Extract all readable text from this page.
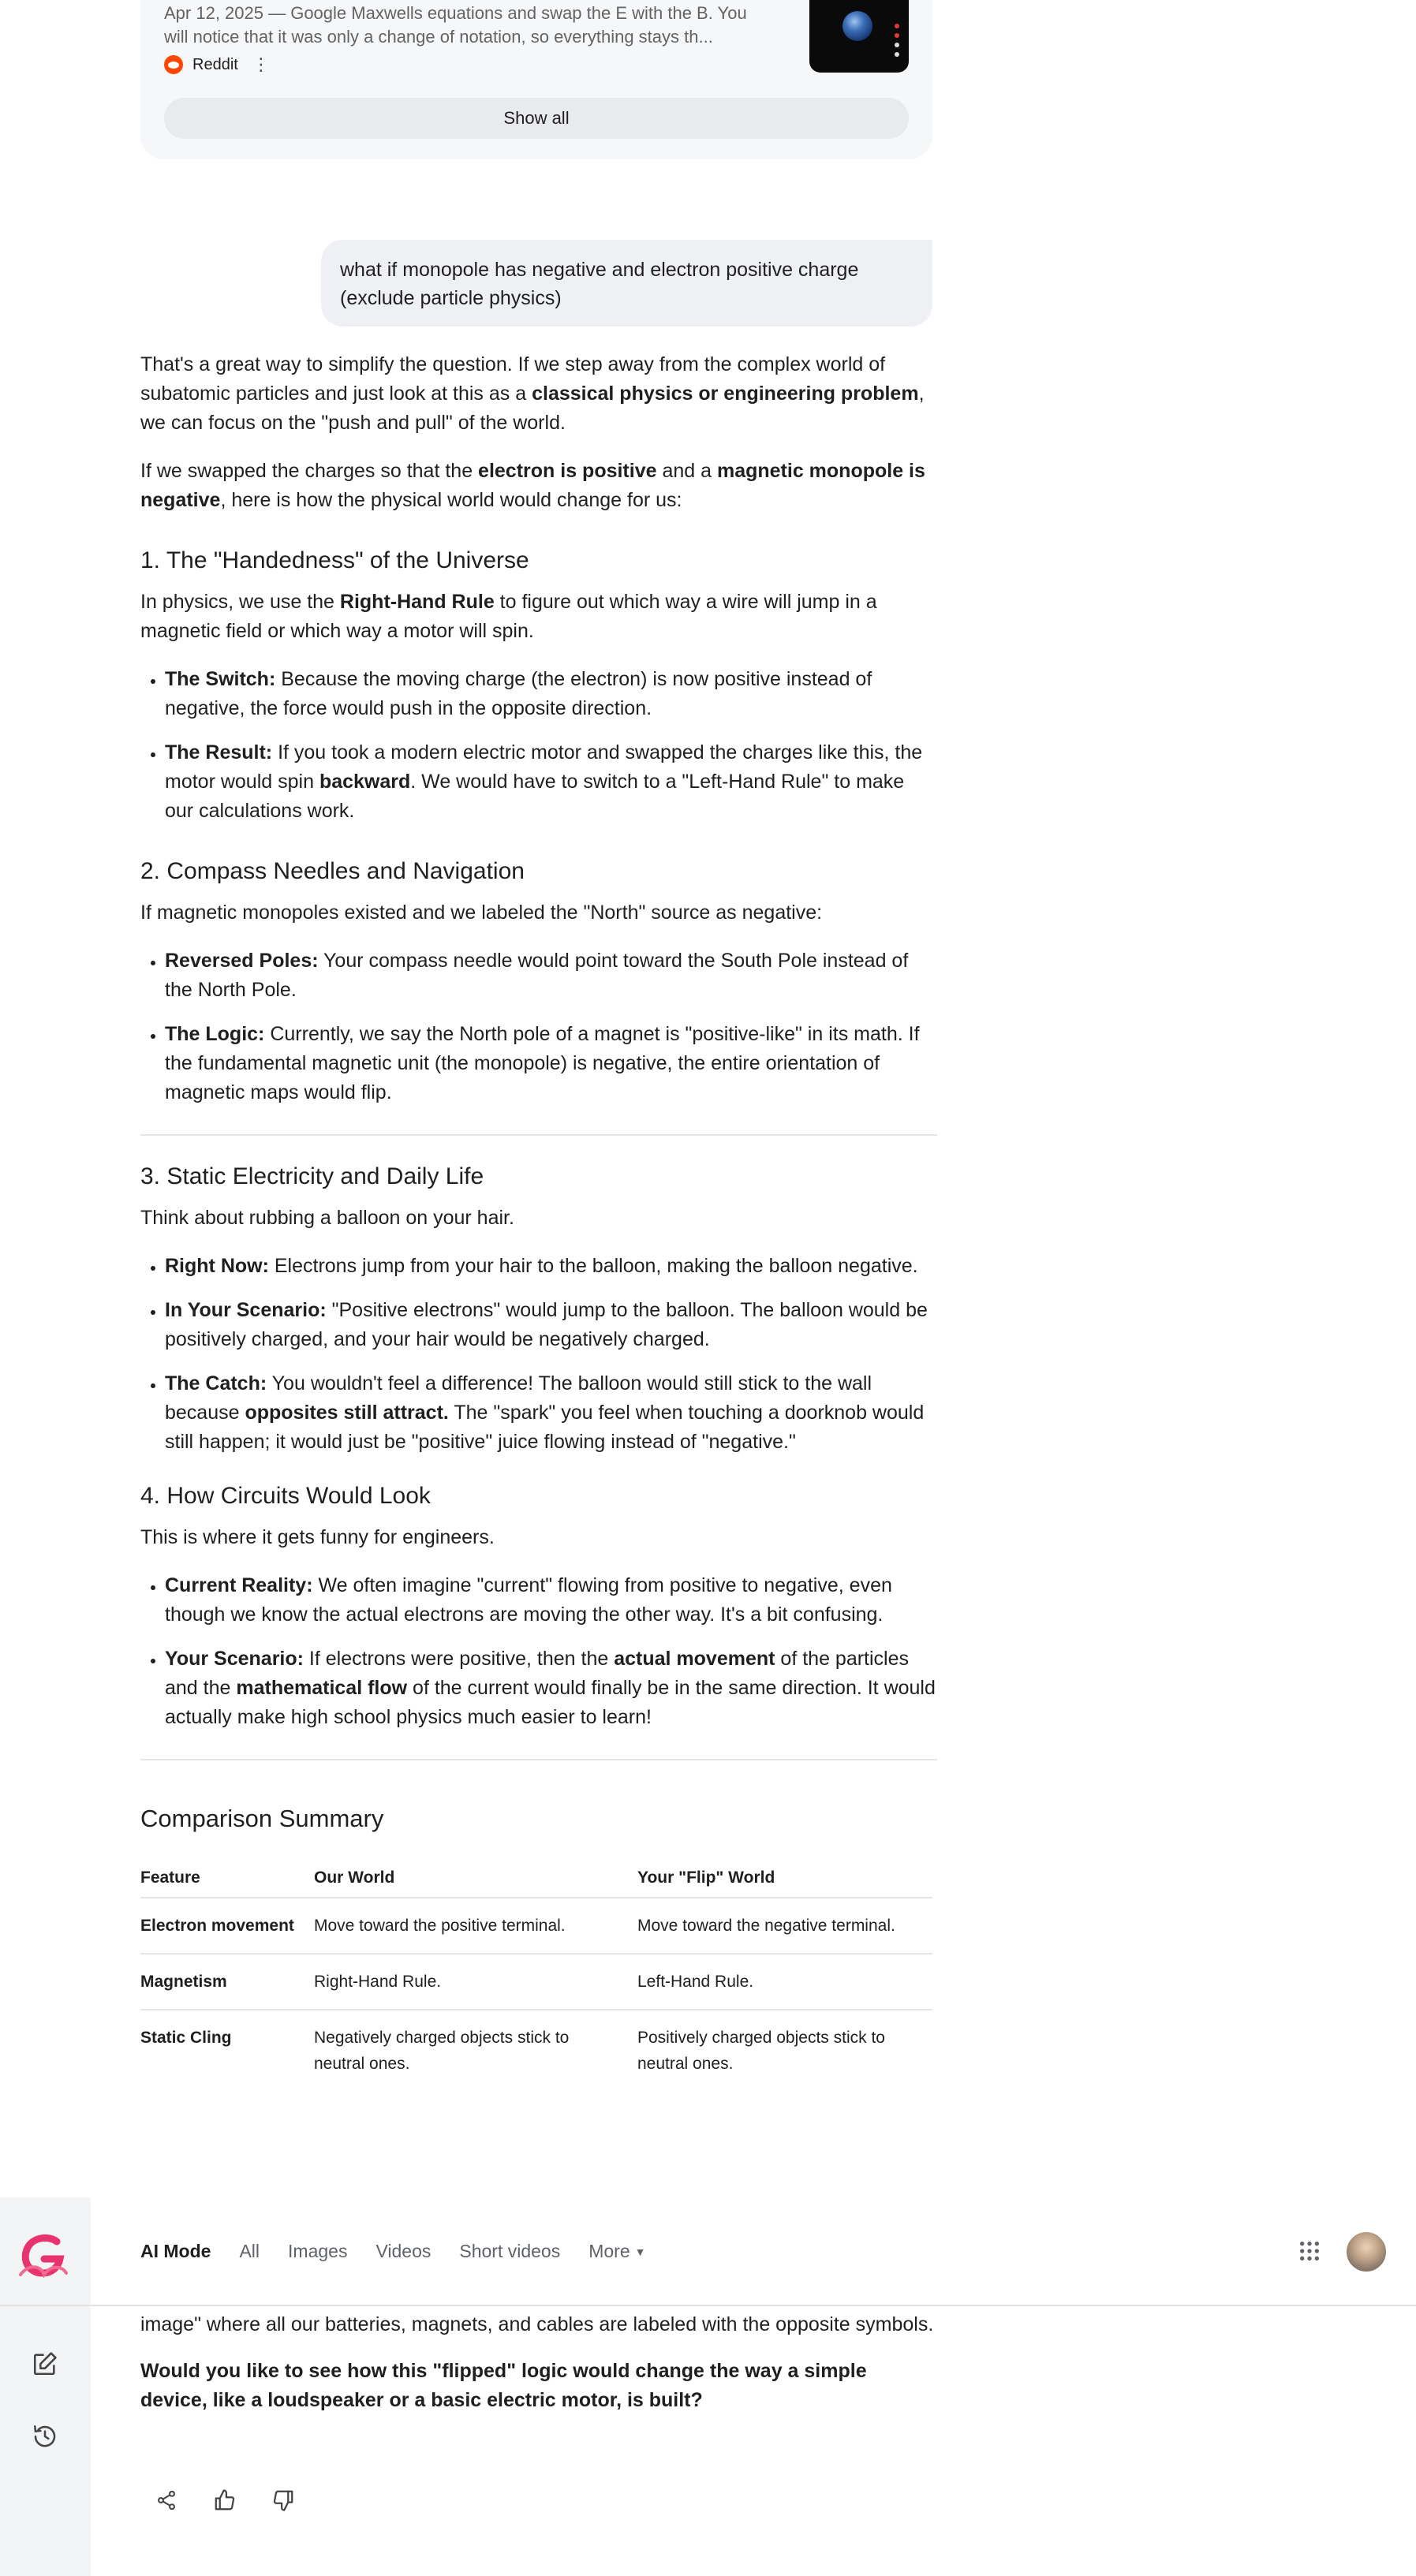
Apr 12, 2025 — Google Maxwells equations and swap the E with the B. You will notice that it was only a change of notation, so everything stays th...
Reddit ⋮
Show all
what if monopole has negative and electron positive charge (exclude particle physics)

That's a great way to simplify the question. If we step away from the complex world of subatomic particles and just look at this as a classical physics or engineering problem, we can focus on the "push and pull" of the world.

If we swapped the charges so that the electron is positive and a magnetic monopole is negative, here is how the physical world would change for us:

1. The "Handedness" of the Universe

In physics, we use the Right-Hand Rule to figure out which way a wire will jump in a magnetic field or which way a motor will spin.

• The Switch: Because the moving charge (the electron) is now positive instead of negative, the force would push in the opposite direction.
• The Result: If you took a modern electric motor and swapped the charges like this, the motor would spin backward. We would have to switch to a "Left-Hand Rule" to make our calculations work.
2. Compass Needles and Navigation

If magnetic monopoles existed and we labeled the "North" source as negative:

• Reversed Poles: Your compass needle would point toward the South Pole instead of the North Pole.
• The Logic: Currently, we say the North pole of a magnet is "positive-like" in its math. If the fundamental magnetic unit (the monopole) is negative, the entire orientation of magnetic maps would flip.
3. Static Electricity and Daily Life

Think about rubbing a balloon on your hair.

• Right Now: Electrons jump from your hair to the balloon, making the balloon negative.
• In Your Scenario: "Positive electrons" would jump to the balloon. The balloon would be positively charged, and your hair would be negatively charged.
• The Catch: You wouldn't feel a difference! The balloon would still stick to the wall because opposites still attract. The "spark" you feel when touching a doorknob would still happen; it would just be "positive" juice flowing instead of "negative."
4. How Circuits Would Look

This is where it gets funny for engineers.

• Current Reality: We often imagine "current" flowing from positive to negative, even though we know the actual electrons are moving the other way. It's a bit confusing.
• Your Scenario: If electrons were positive, then the actual movement of the particles and the mathematical flow of the current would finally be in the same direction. It would actually make high school physics much easier to learn!
Comparison Summary
Feature	Our World	Your "Flip" World
Electron movement	Move toward the positive terminal.	Move toward the negative terminal.
Magnetism	Right-Hand Rule.	Left-Hand Rule.
Static Cling	Negatively charged objects stick to neutral ones.	Positively charged objects stick to neutral ones.

image" where all our batteries, magnets, and cables are labeled with the opposite symbols.

Would you like to see how this "flipped" logic would change the way a simple device, like a loudspeaker or a basic electric motor, is built?

AI Mode All Images Videos Short videos More ▼
